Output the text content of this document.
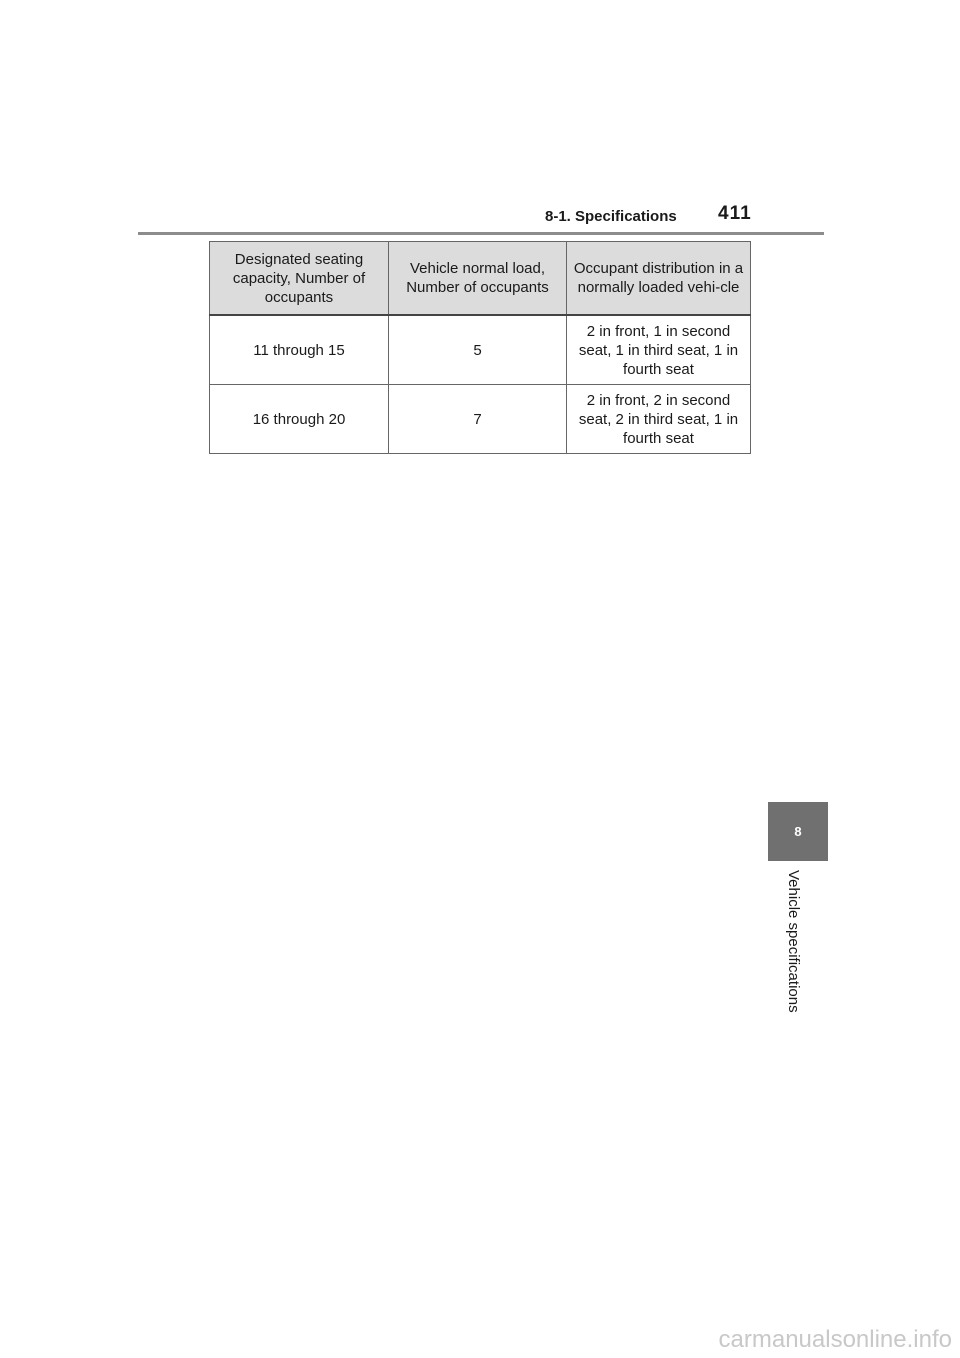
8-1. Specifications 411
Designated seating capacity, Number of occupants	Vehicle normal load, Number of occupants	Occupant distribution in a normally loaded vehi-cle
11 through 15	5	2 in front, 1 in second seat, 1 in third seat, 1 in fourth seat
16 through 20	7	2 in front, 2 in second seat, 2 in third seat, 1 in fourth seat
8
Vehicle specifications
carmanualsonline.info
